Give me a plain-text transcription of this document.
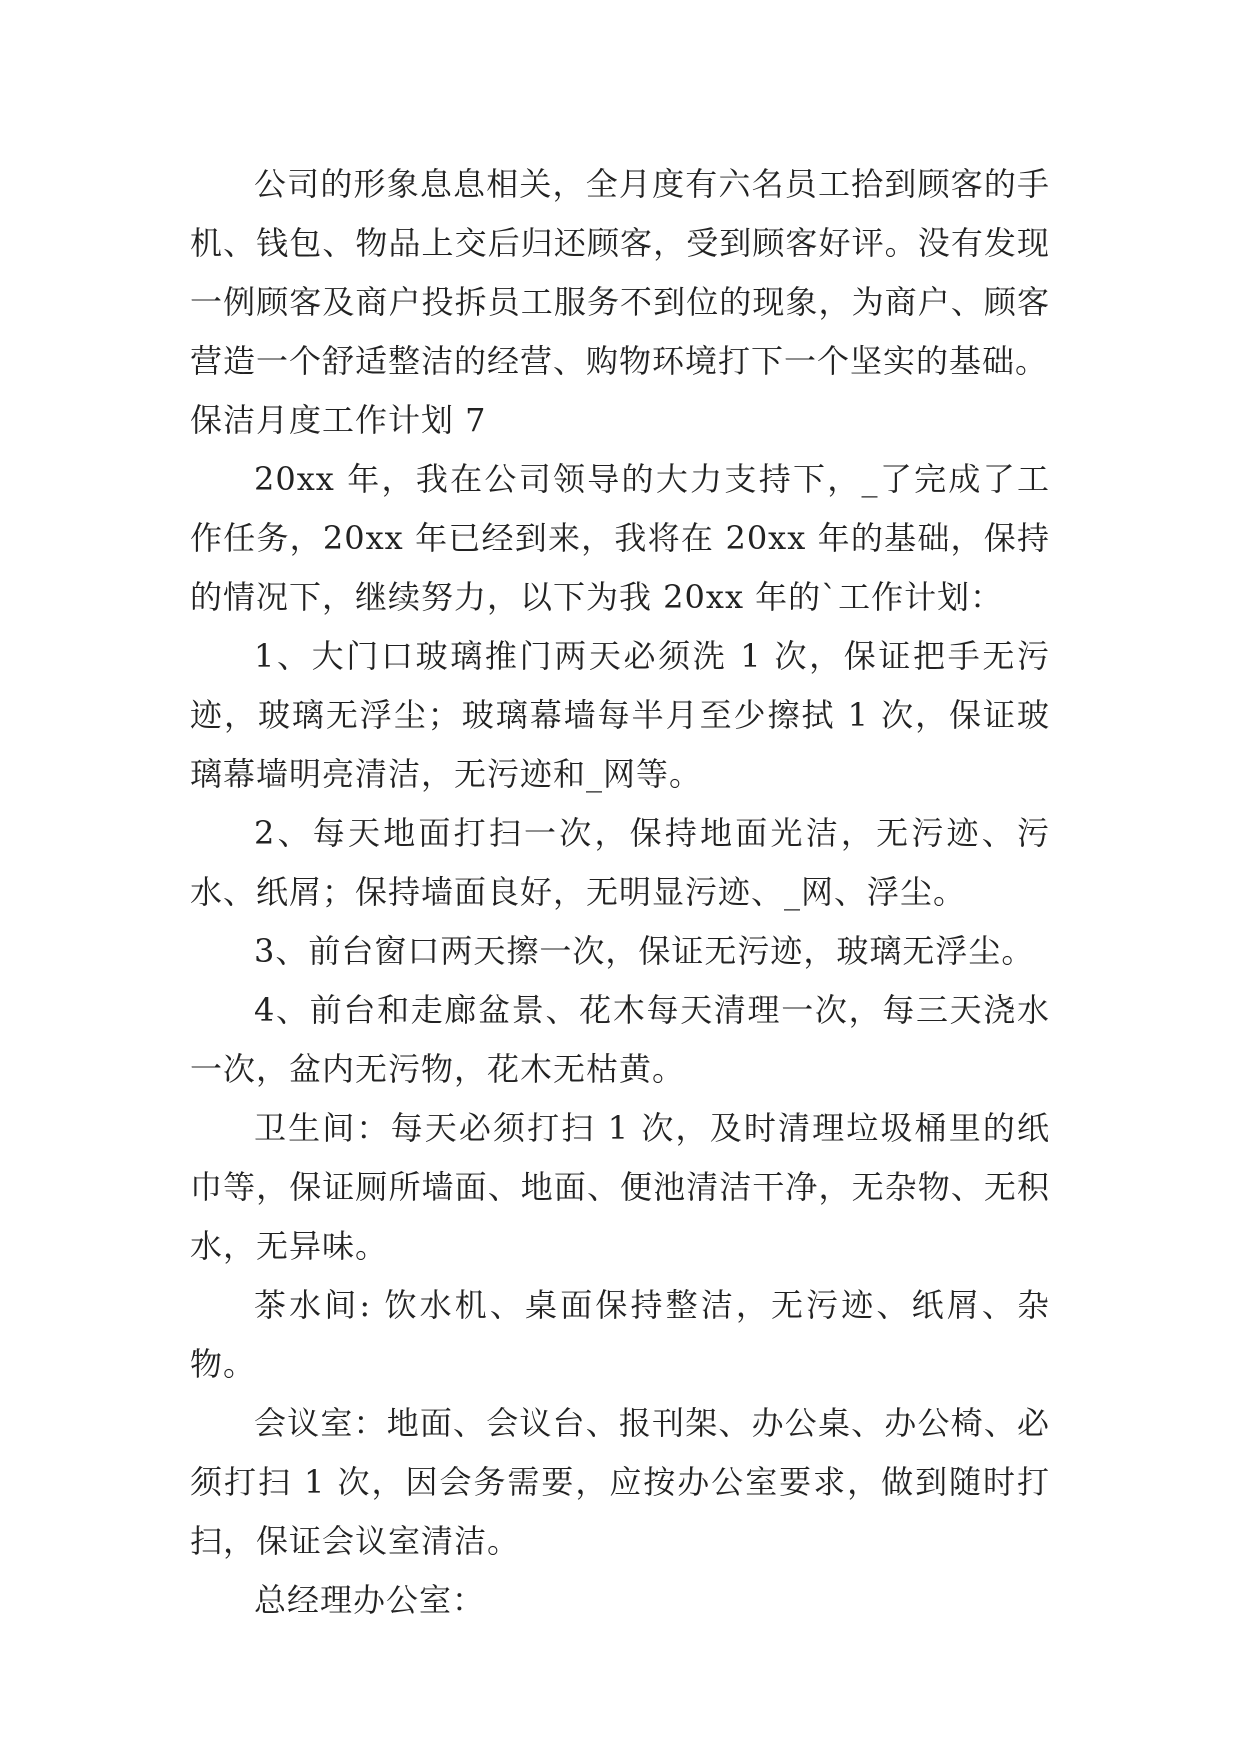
公司的形象息息相关，全月度有六名员工拾到顾客的手机、钱包、物品上交后归还顾客，受到顾客好评。没有发现一例顾客及商户投拆员工服务不到位的现象，为商户、顾客营造一个舒适整洁的经营、购物环境打下一个坚实的基础。

保洁月度工作计划 7

20xx 年，我在公司领导的大力支持下，_了完成了工作任务，20xx 年已经到来，我将在 20xx 年的基础，保持的情况下，继续努力，以下为我 20xx 年的`工作计划：

1、大门口玻璃推门两天必须洗 1 次，保证把手无污迹，玻璃无浮尘；玻璃幕墙每半月至少擦拭 1 次，保证玻璃幕墙明亮清洁，无污迹和_网等。

2、每天地面打扫一次，保持地面光洁，无污迹、污水、纸屑；保持墙面良好，无明显污迹、_网、浮尘。

3、前台窗口两天擦一次，保证无污迹，玻璃无浮尘。

4、前台和走廊盆景、花木每天清理一次，每三天浇水一次，盆内无污物，花木无枯黄。

卫生间：每天必须打扫 1 次，及时清理垃圾桶里的纸巾等，保证厕所墙面、地面、便池清洁干净，无杂物、无积水，无异味。

茶水间: 饮水机、桌面保持整洁，无污迹、纸屑、杂物。

会议室：地面、会议台、报刊架、办公桌、办公椅、必须打扫 1 次，因会务需要，应按办公室要求，做到随时打扫，保证会议室清洁。

总经理办公室：
